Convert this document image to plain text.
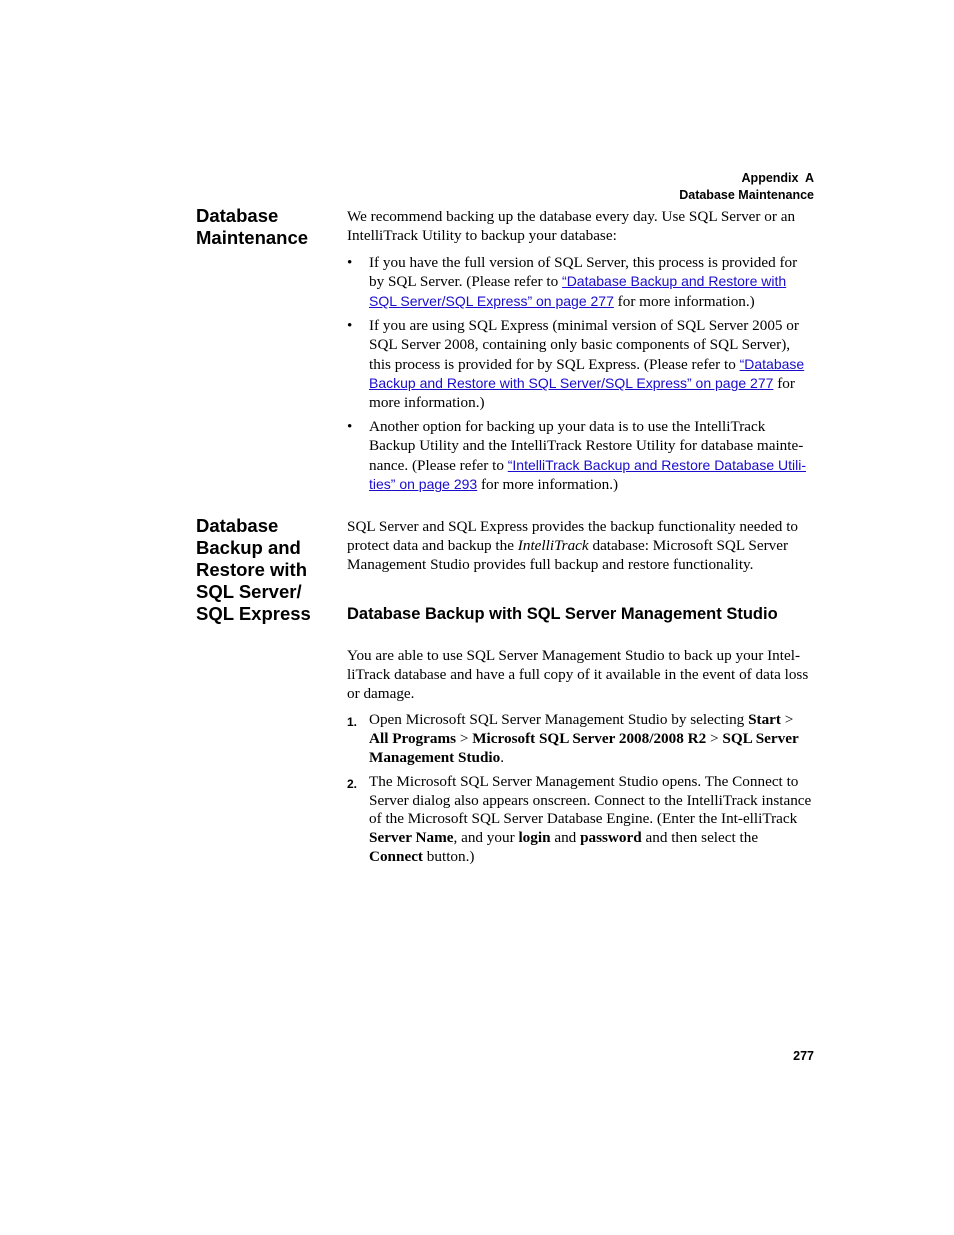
Appendix  A
Database Maintenance
Database Maintenance

We recommend backing up the database every day. Use SQL Server or an IntelliTrack Utility to backup your database:

• If you have the full version of SQL Server, this process is provided for by SQL Server. (Please refer to “Database Backup and Restore with SQL Server/SQL Express” on page 277 for more information.)
• If you are using SQL Express (minimal version of SQL Server 2005 or SQL Server 2008, containing only basic components of SQL Server), this process is provided for by SQL Express. (Please refer to “Database Backup and Restore with SQL Server/SQL Express” on page 277 for more information.)
• Another option for backing up your data is to use the IntelliTrack Backup Utility and the IntelliTrack Restore Utility for database mainte-nance. (Please refer to “IntelliTrack Backup and Restore Database Utili-ties” on page 293 for more information.)
Database Backup and Restore with SQL Server/ SQL Express

SQL Server and SQL Express provides the backup functionality needed to protect data and backup the IntelliTrack database: Microsoft SQL Server Management Studio provides full backup and restore functionality.

Database Backup with SQL Server Management Studio

You are able to use SQL Server Management Studio to back up your Intel-liTrack database and have a full copy of it available in the event of data loss or damage.

1. Open Microsoft SQL Server Management Studio by selecting Start > All Programs > Microsoft SQL Server 2008/2008 R2 > SQL Server Management Studio.
2. The Microsoft SQL Server Management Studio opens. The Connect to Server dialog also appears onscreen. Connect to the IntelliTrack instance of the Microsoft SQL Server Database Engine. (Enter the Int-elliTrack Server Name, and your login and password and then select the Connect button.)
277
